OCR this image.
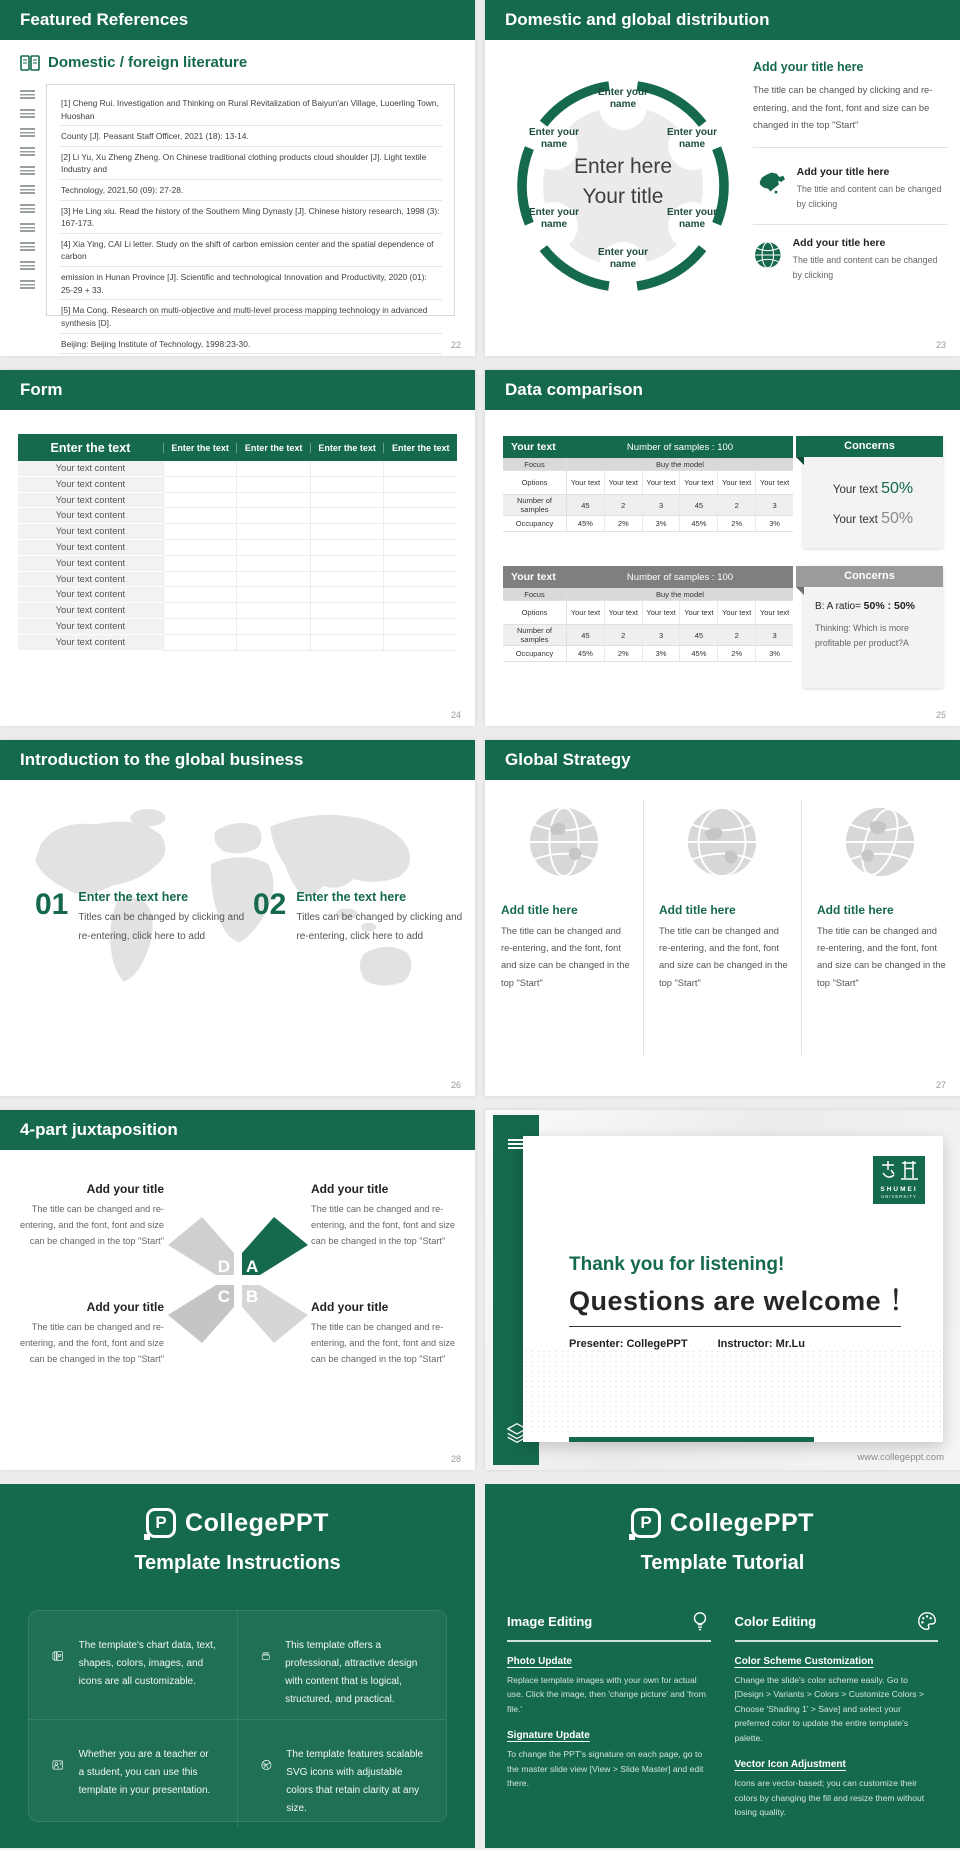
Featured References
Domestic / foreign literature
[1] Cheng Rui. Investigation and Thinking on Rural Revitalization of Baiyun'an Village, Luoerling Town, Huoshan
County [J]. Peasant Staff Officer, 2021 (18): 13-14.
[2] Li Yu, Xu Zheng Zheng. On Chinese traditional clothing products cloud shoulder [J]. Light textile Industry and
Technology, 2021,50 (09): 27-28.
[3] He Ling xiu. Read the history of the Southern Ming Dynasty [J]. Chinese history research, 1998 (3): 167-173.
[4] Xia Ying, CAI Li letter. Study on the shift of carbon emission center and the spatial dependence of carbon
emission in Hunan Province [J]. Scientific and technological Innovation and Productivity, 2020 (01): 25-29 + 33.
[5] Ma Cong. Research on multi-objective and multi-level process mapping technology in advanced synthesis [D].
Beijing: Beijing Institute of Technology, 1998:23-30.	22
Domestic and global distribution
Enter your name
Enter your name
Enter your name
Enter your name
Enter your name
Enter your name
Enter here
Your title
Add your title here
The title can be changed by clicking and re-entering, and the font, font and size can be changed in the top "Start"
Add your title here
The title and content can be changed by clicking
Add your title here
The title and content can be changed by clicking
23
Form
Enter the text	Enter the text	Enter the text	Enter the text	Enter the text
Your text content
Your text content
Your text content
Your text content
Your text content
Your text content
Your text content
Your text content
Your text content
Your text content
Your text content
Your text content
24
Data comparison
Your text	Number of samples : 100
Focus	Buy the model
Options	Your text	Your text	Your text	Your text	Your text	Your text
Number of samples	45	2	3	45	2	3
Occupancy	45%	2%	3%	45%	2%	3%
Your text	Number of samples : 100
Focus	Buy the model
Options	Your text	Your text	Your text	Your text	Your text	Your text
Number of samples	45	2	3	45	2	3
Occupancy	45%	2%	3%	45%	2%	3%
Concerns
Your text 50%
Your text 50%
Concerns
B: A ratio= 50% : 50%
Thinking: Which is more profitable per product?A
25
Introduction to the global business
01 Enter the text here
Titles can be changed by clicking and re-entering, click here to add
02 Enter the text here
Titles can be changed by clicking and re-entering, click here to add
26
Global Strategy
Add title here

The title can be changed and re-entering, and the font, font and size can be changed in the top "Start"

Add title here

The title can be changed and re-entering, and the font, font and size can be changed in the top "Start"

Add title here

The title can be changed and re-entering, and the font, font and size can be changed in the top "Start"

27
4-part juxtaposition
Add your title
The title can be changed and re-entering, and the font, font and size can be changed in the top "Start"
Add your title
The title can be changed and re-entering, and the font, font and size can be changed in the top "Start"
Add your title
The title can be changed and re-entering, and the font, font and size can be changed in the top "Start"
Add your title
The title can be changed and re-entering, and the font, font and size can be changed in the top "Start"
D A
C B
28
SHUMEI
UNIVERSITY
Thank you for listening!
Questions are welcome ！
Presenter: CollegePPT	Instructor: Mr.Lu
www.collegeppt.com
P CollegePPT
Template Instructions

The template's chart data, text, shapes, colors, images, and icons are all customizable.

This template offers a professional, attractive design with content that is logical, structured, and practical.

Whether you are a teacher or a student, you can use this template in your presentation.

The template features scalable SVG icons with adjustable colors that retain clarity at any size.

P CollegePPT
Template Tutorial
Image Editing
Photo Update
Replace template images with your own for actual use. Click the image, then 'change picture' and 'from file.'
Signature Update
To change the PPT's signature on each page, go to the master slide view [View > Slide Master] and edit there.
Color Editing
Color Scheme Customization
Change the slide's color scheme easily. Go to [Design > Variants > Colors > Customize Colors > Choose 'Shading 1' > Save] and select your preferred color to update the entire template's palette.
Vector Icon Adjustment
Icons are vector-based; you can customize their colors by changing the fill and resize them without losing quality.
